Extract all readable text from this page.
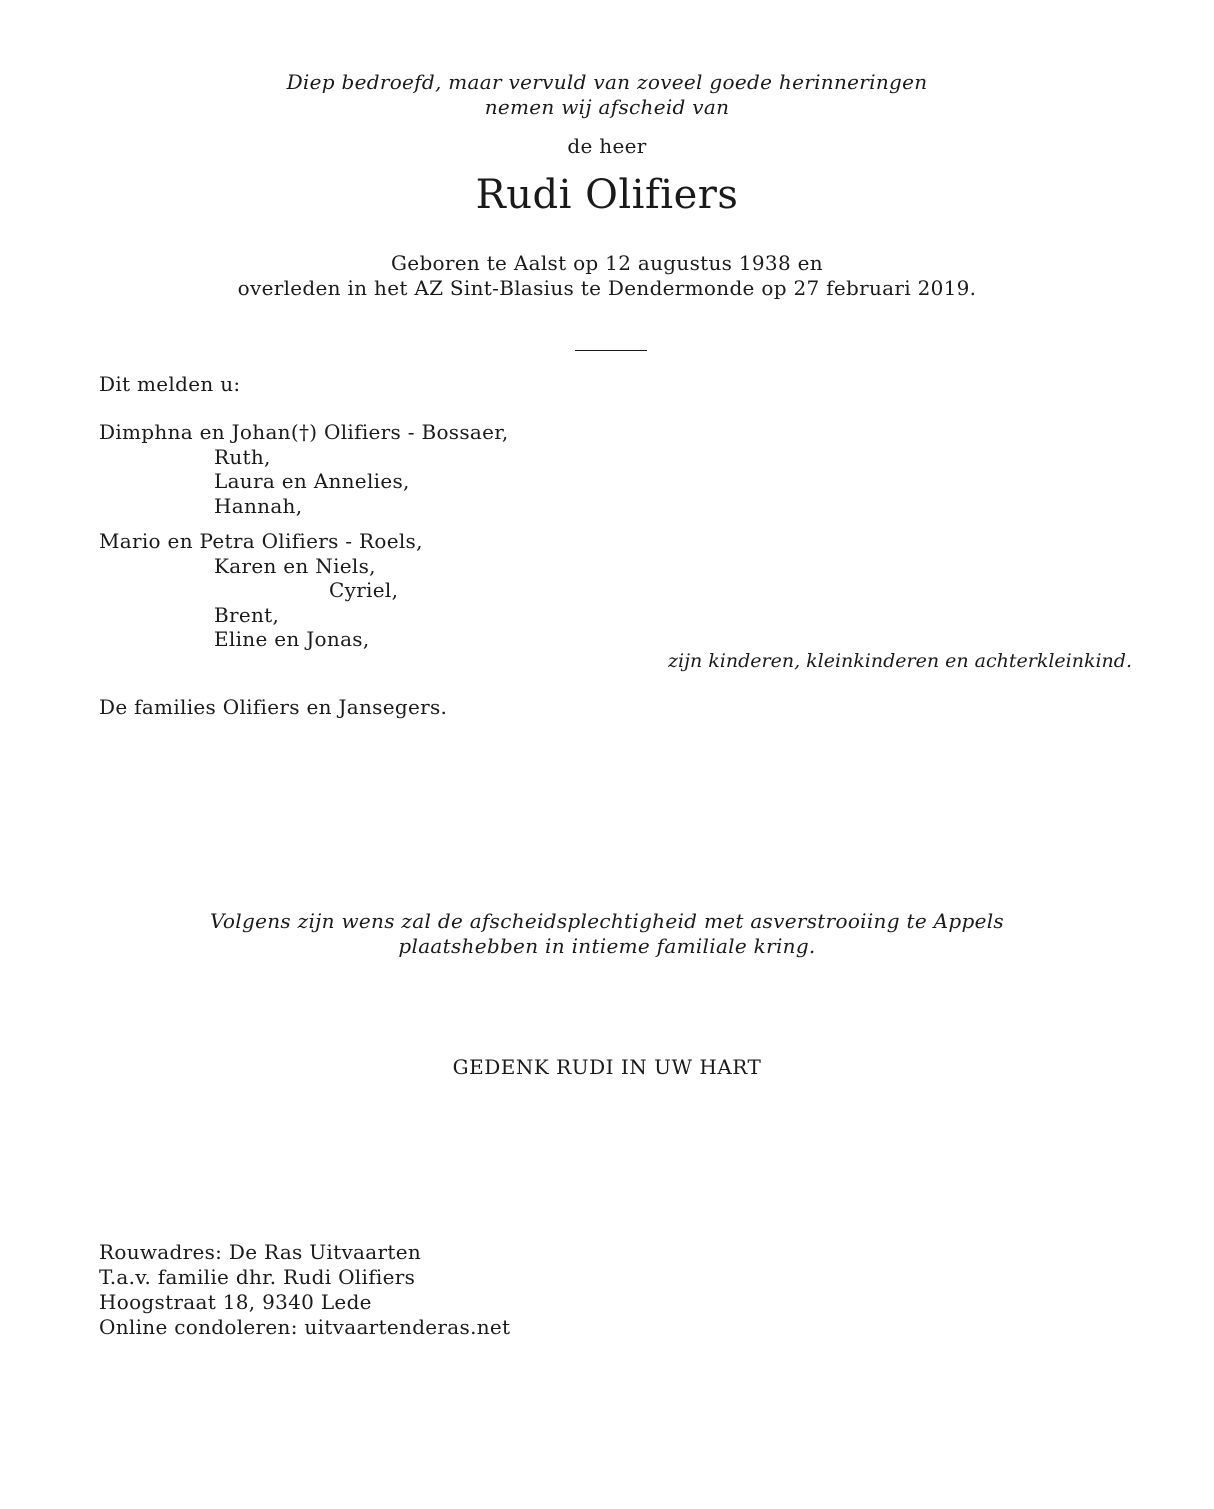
Diep bedroefd, maar vervuld van zoveel goede herinneringen
nemen wij afscheid van
de heer
Rudi Olifiers
Geboren te Aalst op 12 augustus 1938 en
overleden in het AZ Sint-Blasius te Dendermonde op 27 februari 2019.
Dit melden u:
Dimphna en Johan(†) Olifiers - Bossaer,
Ruth,
Laura en Annelies,
Hannah,
Mario en Petra Olifiers - Roels,
Karen en Niels,
Cyriel,
Brent,
Eline en Jonas,
zijn kinderen, kleinkinderen en achterkleinkind.
De families Olifiers en Jansegers.
Volgens zijn wens zal de afscheidsplechtigheid met asverstrooiing te Appels
plaatshebben in intieme familiale kring.
GEDENK RUDI IN UW HART
Rouwadres: De Ras Uitvaarten
T.a.v. familie dhr. Rudi Olifiers
Hoogstraat 18, 9340 Lede
Online condoleren: uitvaartenderas.net
